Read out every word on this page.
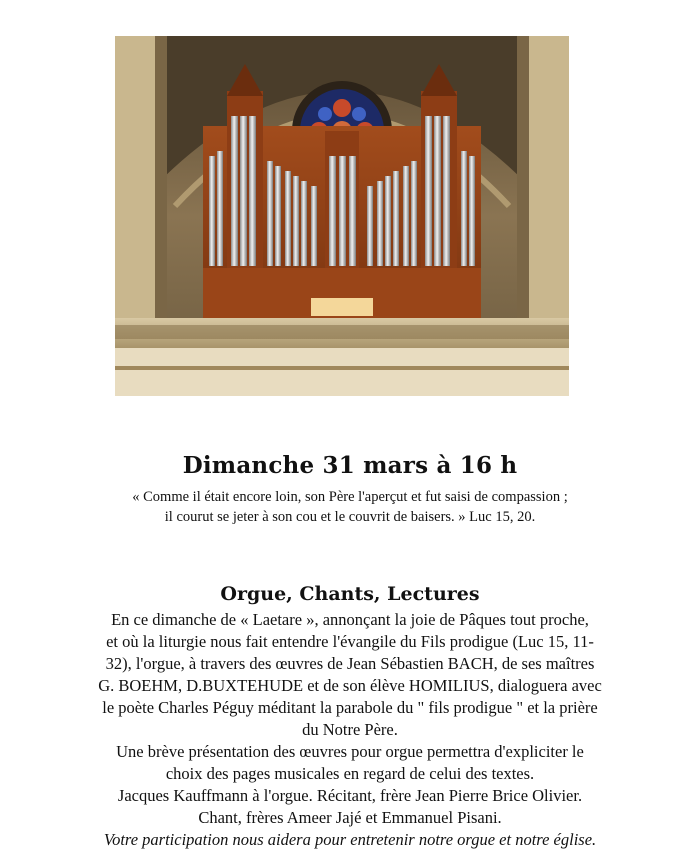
Dimanche 31 mars à 16 h

« Comme il était encore loin, son Père l'aperçut et fut saisi de compassion ;
il courut se jeter à son cou et le couvrit de baisers. » Luc 15, 20.

Orgue, Chants, Lectures
En ce dimanche de « Laetare », annonçant la joie de Pâques tout proche,
et où la liturgie nous fait entendre l'évangile du Fils prodigue (Luc 15, 11-
32), l'orgue, à travers des œuvres de Jean Sébastien BACH, de ses maîtres
G. BOEHM, D.BUXTEHUDE et de son élève HOMILIUS, dialoguera avec
le poète Charles Péguy méditant la parabole du " fils prodigue " et la prière
du Notre Père.
Une brève présentation des œuvres pour orgue permettra d'expliciter le
choix des pages musicales en regard de celui des textes.
Jacques Kauffmann à l'orgue. Récitant, frère Jean Pierre Brice Olivier.
Chant, frères Ameer Jajé et Emmanuel Pisani.
Votre participation nous aidera pour entretenir notre orgue et notre église.
